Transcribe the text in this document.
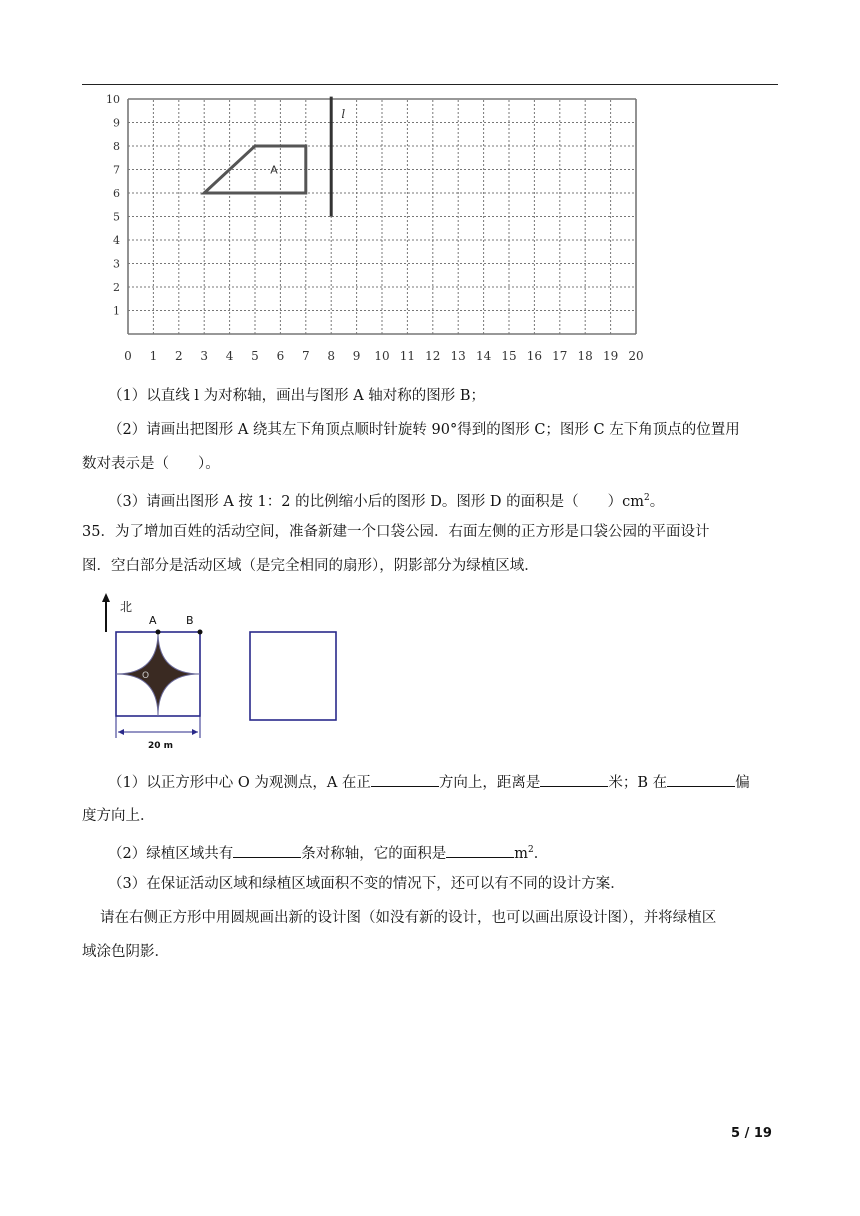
0 1 2 3 4 5 6 7 8 9 10 11 12 13 14 15 16 17 18 19 20
1
2
3
4
5
6
7
8
9
10
A
l
（1）以直线 l 为对称轴，画出与图形 A 轴对称的图形 B；
（2）请画出把图形 A 绕其左下角顶点顺时针旋转 90°得到的图形 C；图形 C 左下角顶点的位置用
数对表示是（　　）。
（3）请画出图形 A 按 1：2 的比例缩小后的图形 D。图形 D 的面积是（　　）$cm^2$。
35．为了增加百姓的活动空间，准备新建一个口袋公园．右面左侧的正方形是口袋公园的平面设计
图．空白部分是活动区域（是完全相同的扇形），阴影部分为绿植区域．
北
A	B
O
20 m
（1）以正方形中心 O 为观测点，A 在正	方向上，距离是	米；B 在	偏
度方向上．
（2）绿植区域共有	条对称轴，它的面积是	$m^2$．
（3）在保证活动区域和绿植区域面积不变的情况下，还可以有不同的设计方案．
请在右侧正方形中用圆规画出新的设计图（如没有新的设计，也可以画出原设计图），并将绿植区
域涂色阴影．
5 / 19
